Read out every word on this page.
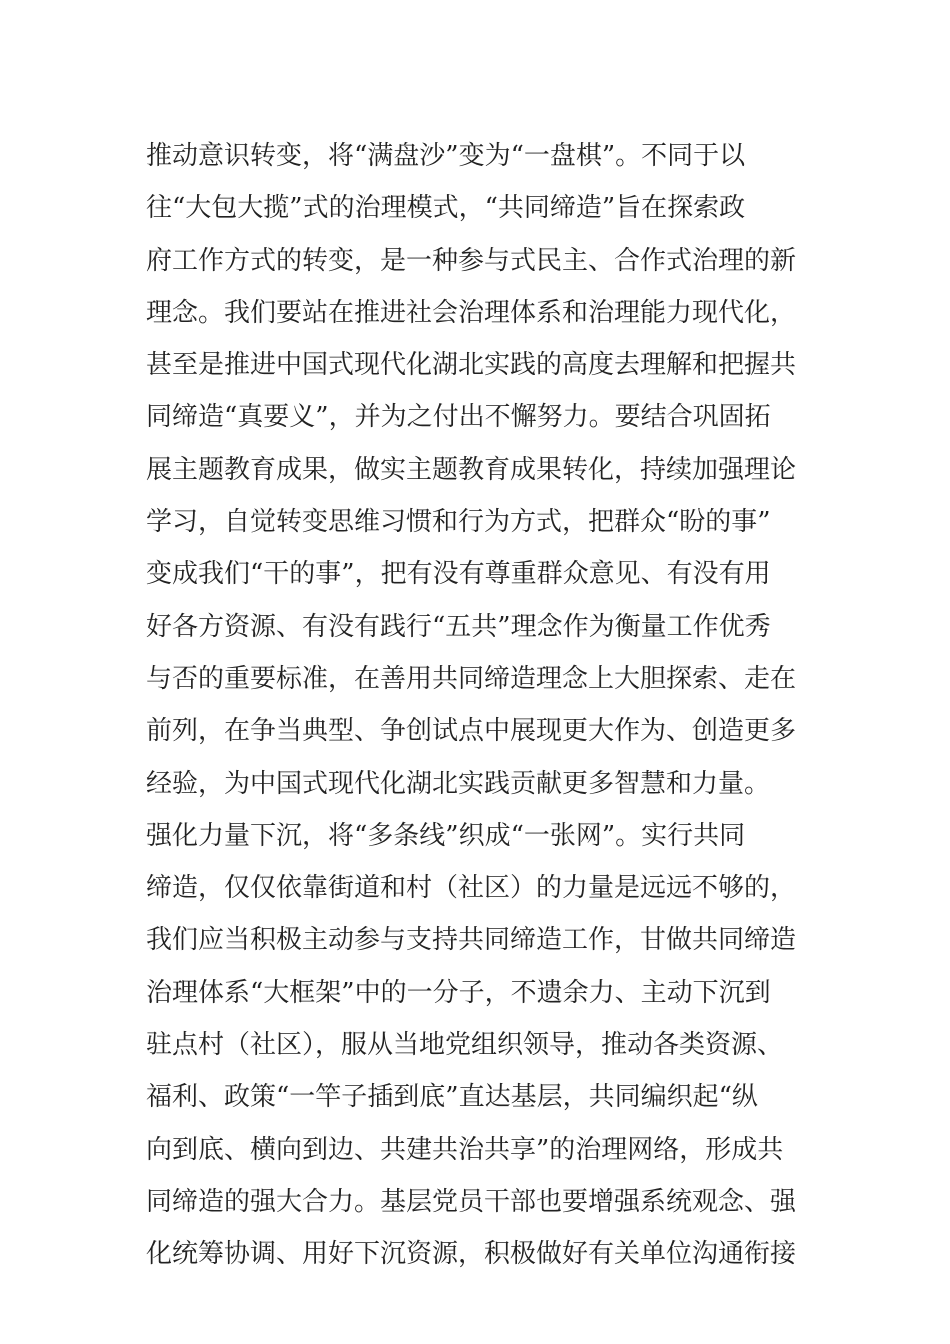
推动意识转变，将“满盘沙”变为“一盘棋”。不同于以
往“大包大揽”式的治理模式，“共同缔造”旨在探索政
府工作方式的转变，是一种参与式民主、合作式治理的新
理念。我们要站在推进社会治理体系和治理能力现代化，
甚至是推进中国式现代化湖北实践的高度去理解和把握共
同缔造“真要义”，并为之付出不懈努力。要结合巩固拓
展主题教育成果，做实主题教育成果转化，持续加强理论
学习，自觉转变思维习惯和行为方式，把群众“盼的事”
变成我们“干的事”，把有没有尊重群众意见、有没有用
好各方资源、有没有践行“五共”理念作为衡量工作优秀
与否的重要标准，在善用共同缔造理念上大胆探索、走在
前列，在争当典型、争创试点中展现更大作为、创造更多
经验，为中国式现代化湖北实践贡献更多智慧和力量。
强化力量下沉，将“多条线”织成“一张网”。实行共同
缔造，仅仅依靠街道和村（社区）的力量是远远不够的，
我们应当积极主动参与支持共同缔造工作，甘做共同缔造
治理体系“大框架”中的一分子，不遗余力、主动下沉到
驻点村（社区），服从当地党组织领导，推动各类资源、
福利、政策“一竿子插到底”直达基层，共同编织起“纵
向到底、横向到边、共建共治共享”的治理网络，形成共
同缔造的强大合力。基层党员干部也要增强系统观念、强
化统筹协调、用好下沉资源，积极做好有关单位沟通衔接
